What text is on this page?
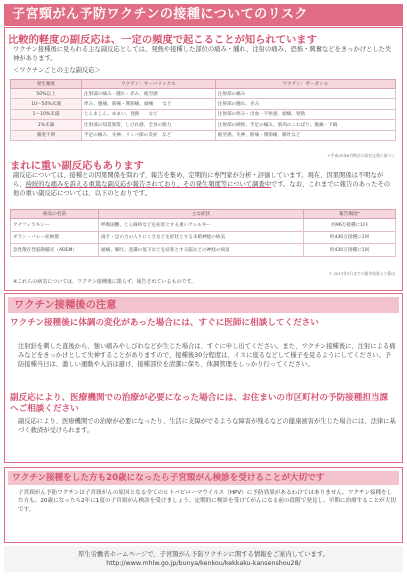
子宮頸がん予防ワクチンの接種についてのリスク
比較的軽度の副反応は、一定の頻度で起こることが知られています
ワクチン接種後に見られる主な副反応としては、発熱や接種した部位の痛み・腫れ、注射の痛み、恐怖・興奮などをきっかけとした失神があります。
＜ワクチンごとの主な副反応＞
発生頻度	ワクチン：サーバリックス	ワクチン：ガーダシル
50%以上	注射部の痛み・腫れ・赤み、疲労感	注射部の痛み
10〜50%未満	痒み、腹痛、筋痛・関節痛、頭痛　　など	注射部の腫れ、赤み
1〜10%未満	じんましん、めまい、発熱　　など	注射部の痒み・出血・不快感、頭痛、発熱
1%未満	注射部の知覚異常、しびれ感、全身の脱力	注射部の硬結、手足の痛み、筋肉のこわばり、腹痛・下痢
頻度不明	手足の痛み、失神、リンパ節の炎症　など	疲労感、失神、筋痛・関節痛、嘔吐など
＊平成25年6月時点の添付文書に基づく
まれに重い副反応もあります
副反応については、接種との因果関係を問わず、報告を集め、定期的に専門家が分析・評価しています。現在、因果関係は不明ながら、持続的な痛みを訴える重篤な副反応が報告されており、その発生頻度等について調査中です。なお、これまでに報告のあったその他の重い副反応については、以下のとおりです。
病気の名前	主な症状	報告頻度*
アナフィラキシー	呼吸困難、じん麻疹などを症状とする重いアレルギー	約96万接種に1回
ギラン・バレー症候群	両手・足の力の入りにくさなどを症状とする末梢神経の病気	約430万接種に1回
急性散在性脳脊髄炎（ADEM）	頭痛、嘔吐、意識の低下などを症状とする脳などの神経の病気	約430万接種に1回
＊ 2013年3月までの報告結果より算出
※これらの病気については、ワクチン接種後に限らず、報告されているものです。
ワクチン接種後の注意
ワクチン接種後に体調の変化があった場合には、すぐに医師に相談してください
注射針を刺した直後から、強い痛みやしびれなどが生じた場合は、すぐに申し出てください。また、ワクチン接種後に、注射による痛みなどをきっかけとして失神することがありますので、接種後30分程度は、イスに座るなどして様子を見るようにしてください。予防接種当日は、激しい運動や入浴は避け、接種部位を清潔に保ち、体調管理をしっかり行ってください。
副反応により、医療機関での治療が必要になった場合には、お住まいの市区町村の予防接種担当課へご相談ください
副反応により、医療機関での治療が必要になったり、生活に支障がでるような障害が残るなどの健康被害が生じた場合には、法律に基づく救済が受けられます。
ワクチン接種をした方も20歳になったら子宮頸がん検診を受けることが大切です
子宮頸がん予防ワクチンは子宮頸がんの原因となる全てのヒトパピローマウイルス（HPV）に予防効果があるわけではありません。ワクチン接種をした方も、20歳になったら2年に1度の子宮頸がん検診を受けましょう。定期的に検診を受けてがんになる前の段階で発見し、早期に治療することが大切です。
厚生労働省ホームページで、子宮頸がん予防ワクチンに関する情報をご案内しています。
http://www.mhlw.go.jp/bunya/kenkou/kekkaku-kansenshou28/
